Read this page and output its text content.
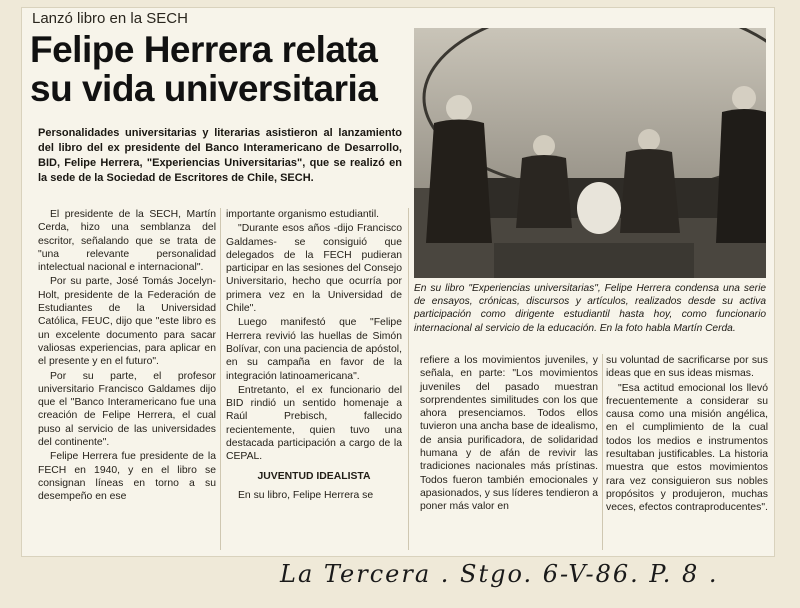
Lanzó libro en la SECH
Felipe Herrera relata
su vida universitaria
Personalidades universitarias y literarias asistieron al lanzamiento del libro del ex presidente del Banco Interamericano de Desarrollo, BID, Felipe Herrera, "Experiencias Universitarias", que se realizó en la sede de la Sociedad de Escritores de Chile, SECH.

El presidente de la SECH, Martín Cerda, hizo una semblanza del escritor, señalando que se trata de "una relevante personalidad intelectual nacional e internacional".

Por su parte, José Tomás Jocelyn-Holt, presidente de la Federación de Estudiantes de la Universidad Católica, FEUC, dijo que "este libro es un excelente documento para sacar valiosas experiencias, para aplicar en el presente y en el futuro".

Por su parte, el profesor universitario Francisco Galdames dijo que el "Banco Interamericano fue una creación de Felipe Herrera, el cual puso al servicio de las universidades del continente".

Felipe Herrera fue presidente de la FECH en 1940, y en el libro se consignan líneas en torno a su desempeño en ese

importante organismo estudiantil.

"Durante esos años -dijo Francisco Galdames- se consiguió que delegados de la FECH pudieran participar en las sesiones del Consejo Universitario, hecho que ocurría por primera vez en la Universidad de Chile".

Luego manifestó que "Felipe Herrera revivió las huellas de Simón Bolívar, con una paciencia de apóstol, en su campaña en favor de la integración latinoamericana".

Entretanto, el ex funcionario del BID rindió un sentido homenaje a Raúl Prebisch, fallecido recientemente, quien tuvo una destacada participación a cargo de la CEPAL.

JUVENTUD IDEALISTA

En su libro, Felipe Herrera se

En su libro "Experiencias universitarias", Felipe Herrera condensa una serie de ensayos, crónicas, discursos y artículos, realizados desde su activa participación como dirigente estudiantil hasta hoy, como funcionario internacional al servicio de la educación. En la foto habla Martín Cerda.

refiere a los movimientos juveniles, y señala, en parte: "Los movimientos juveniles del pasado muestran sorprendentes similitudes con los que ahora presenciamos. Todos ellos tuvieron una ancha base de idealismo, de ansia purificadora, de solidaridad humana y de afán de revivir las tradiciones nacionales más prístinas. Todos fueron también emocionales y apasionados, y sus líderes tendieron a poner más valor en

su voluntad de sacrificarse por sus ideas que en sus ideas mismas.

"Esa actitud emocional los llevó frecuentemente a considerar su causa como una misión angélica, en el cumplimiento de la cual todos los medios e instrumentos resultaban justificables. La historia muestra que estos movimientos rara vez consiguieron sus nobles propósitos y produjeron, muchas veces, efectos contraproducentes".

La Tercera . Stgo. 6-V-86. P. 8 .
